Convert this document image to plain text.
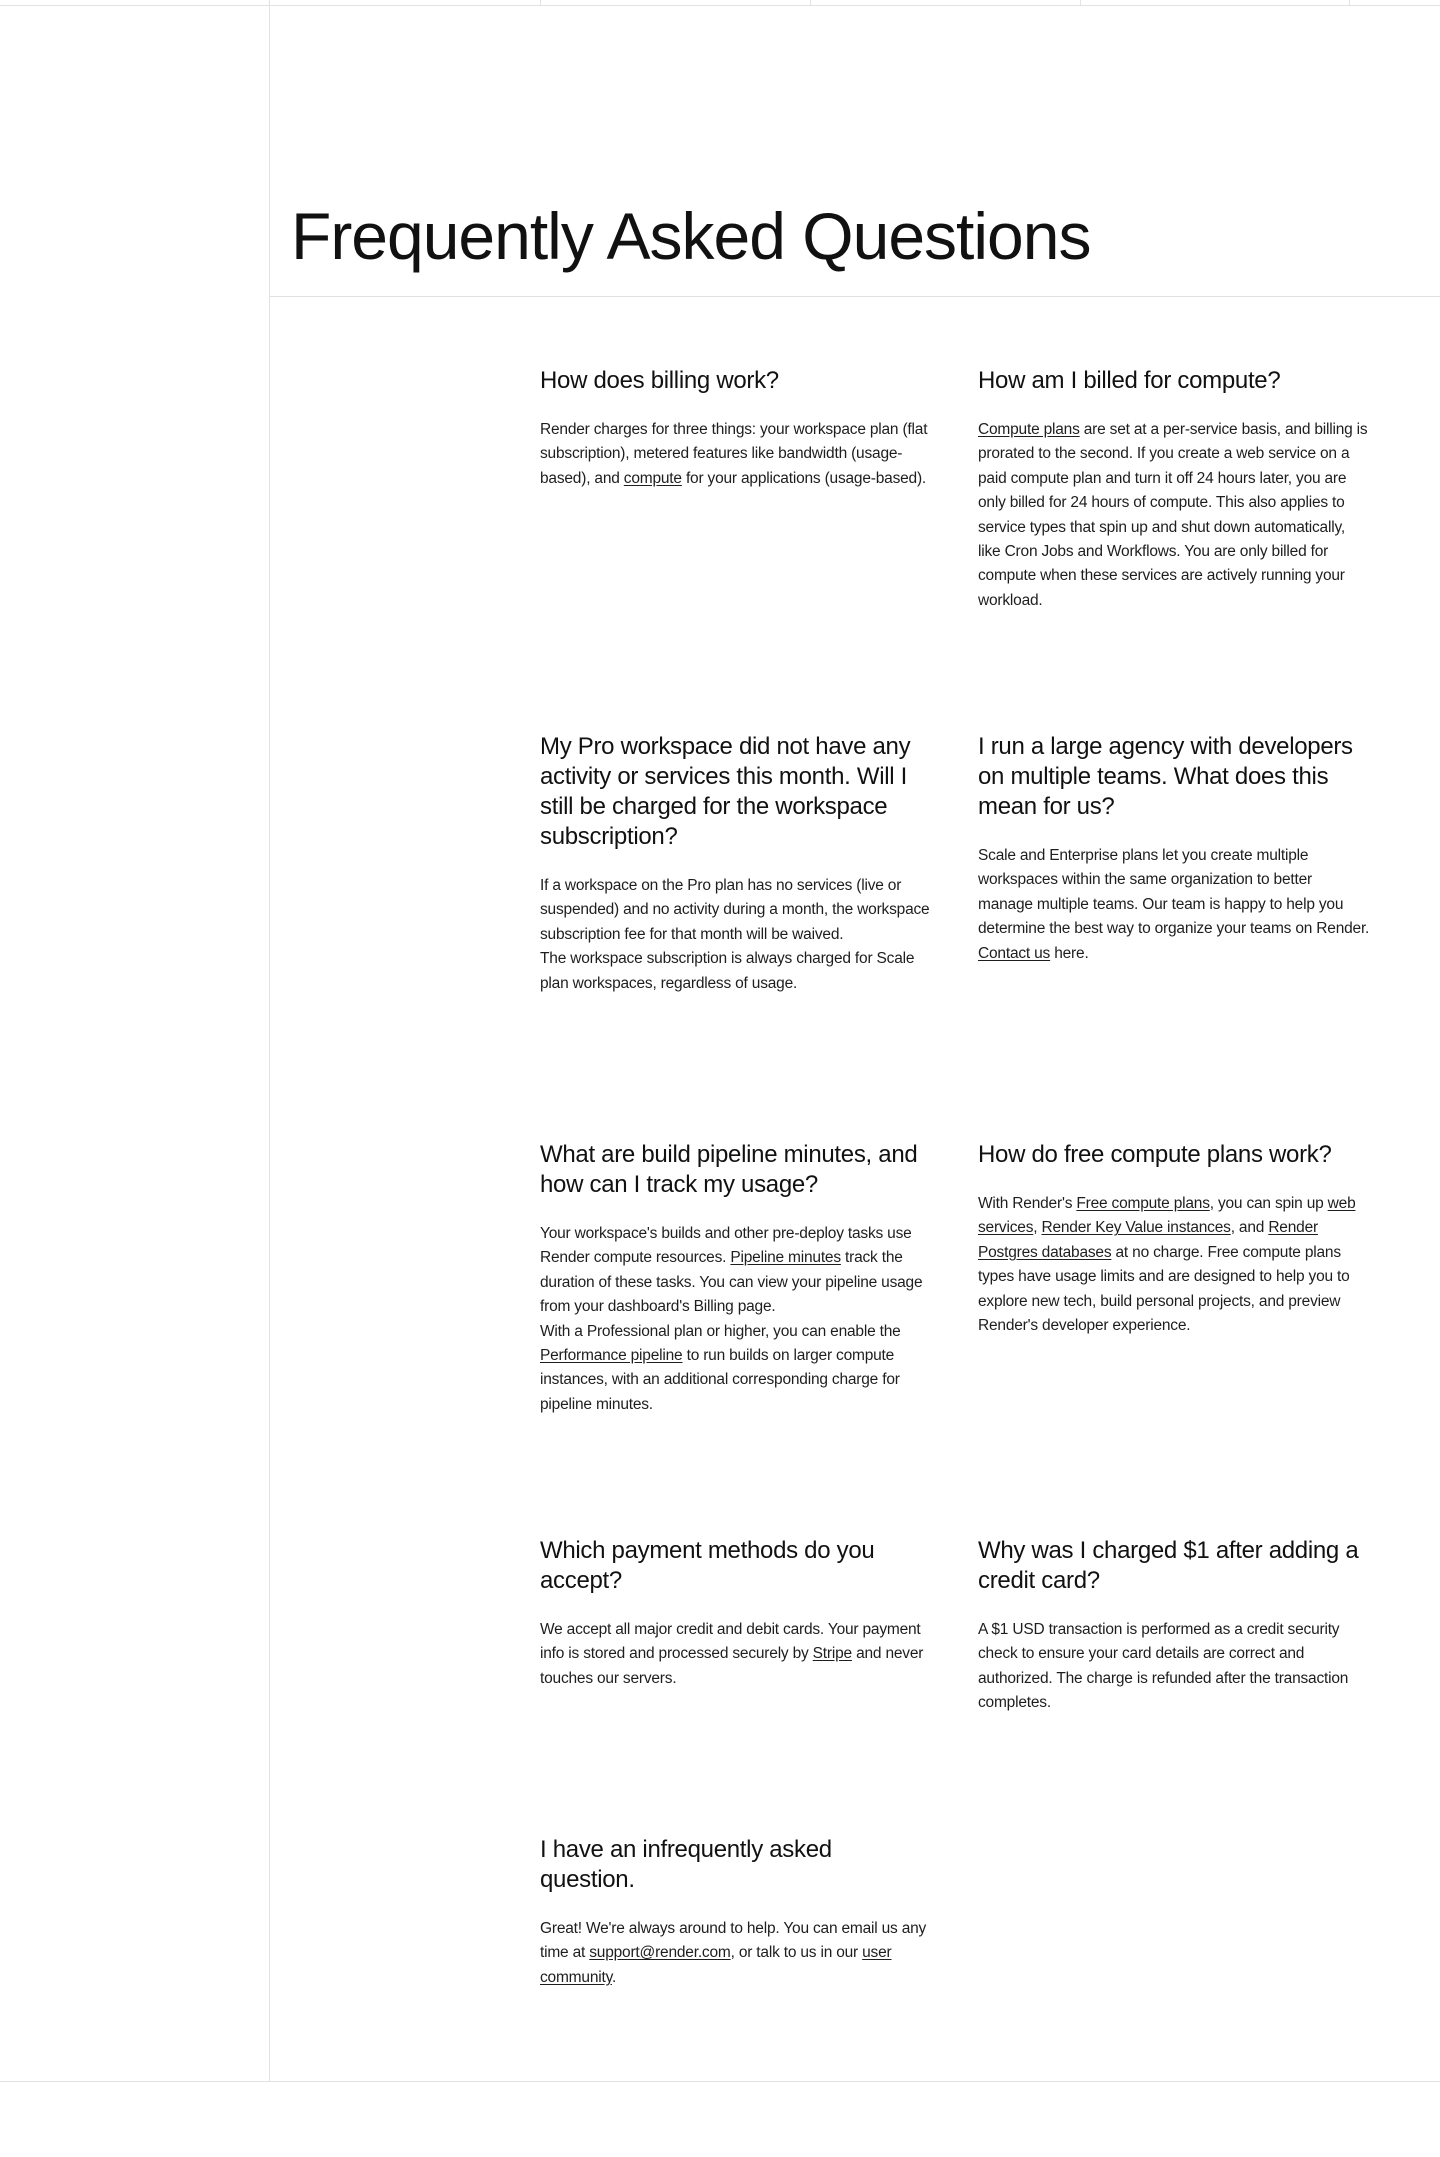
Frequently Asked Questions
How does billing work?

Render charges for three things: your workspace plan (flat subscription), metered features like bandwidth (usage-based), and compute for your applications (usage-based).

How am I billed for compute?

Compute plans are set at a per-service basis, and billing is prorated to the second. If you create a web service on a paid compute plan and turn it off 24 hours later, you are only billed for 24 hours of compute. This also applies to service types that spin up and shut down automatically, like Cron Jobs and Workflows. You are only billed for compute when these services are actively running your workload.

My Pro workspace did not have any activity or services this month. Will I still be charged for the workspace subscription?

If a workspace on the Pro plan has no services (live or suspended) and no activity during a month, the workspace subscription fee for that month will be waived.

The workspace subscription is always charged for Scale plan workspaces, regardless of usage.

I run a large agency with developers on multiple teams. What does this mean for us?

Scale and Enterprise plans let you create multiple workspaces within the same organization to better manage multiple teams. Our team is happy to help you determine the best way to organize your teams on Render. Contact us here.

What are build pipeline minutes, and how can I track my usage?

Your workspace's builds and other pre-deploy tasks use Render compute resources. Pipeline minutes track the duration of these tasks. You can view your pipeline usage from your dashboard's Billing page.

With a Professional plan or higher, you can enable the Performance pipeline to run builds on larger compute instances, with an additional corresponding charge for pipeline minutes.

How do free compute plans work?

With Render's Free compute plans, you can spin up web services, Render Key Value instances, and Render Postgres databases at no charge. Free compute plans types have usage limits and are designed to help you to explore new tech, build personal projects, and preview Render's developer experience.

Which payment methods do you accept?

We accept all major credit and debit cards. Your payment info is stored and processed securely by Stripe and never touches our servers.

Why was I charged $1 after adding a credit card?

A $1 USD transaction is performed as a credit security check to ensure your card details are correct and authorized. The charge is refunded after the transaction completes.

I have an infrequently asked question.

Great! We're always around to help. You can email us any time at support@render.com, or talk to us in our user community.
